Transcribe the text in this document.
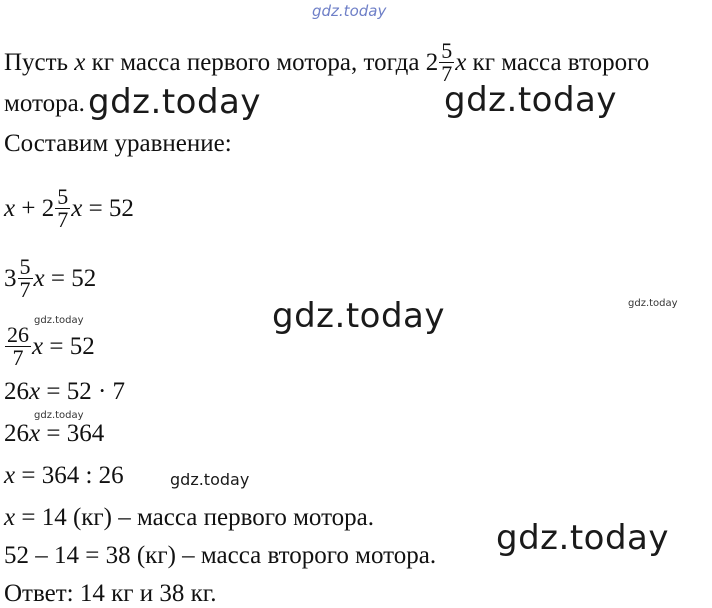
gdz.today
gdz.today	gdz.today
gdz.today
gdz.today
gdz.today
gdz.today
gdz.today
gdz.today
Пусть x кг масса первого мотора, тогда $2 \frac{5}{7}$ x кг масса второго
мотора.
Составим уравнение:
$x + 2 \frac{5}{7}$ x = 52
$3 \frac{5}{7}$ x = 52
$\frac{26}{7}$ x = 52
26x = 52 · 7
26x = 364
x = 364 : 26
x = 14 (кг) – масса первого мотора.
52 – 14 = 38 (кг) – масса второго мотора.
Ответ: 14 кг и 38 кг.
